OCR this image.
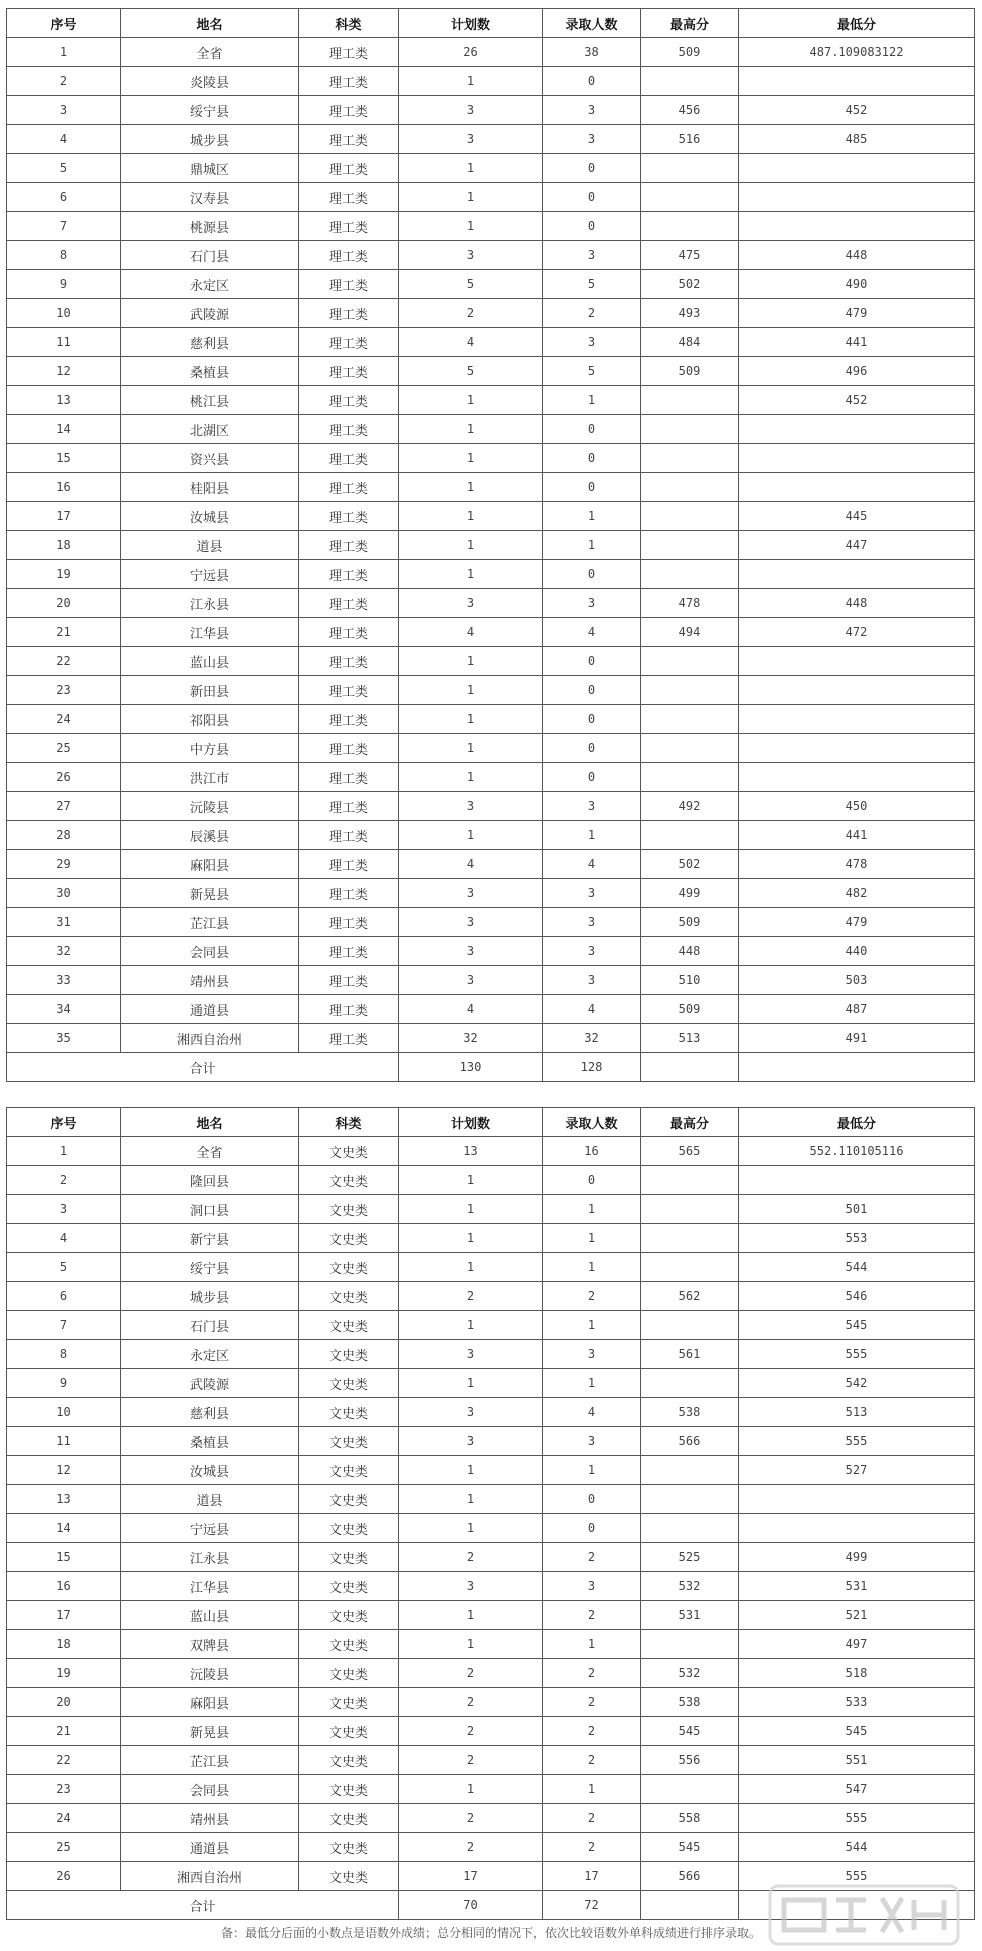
序号	地名	科类	计划数	录取人数	最高分	最低分
1	全省	理工类	26	38	509	487.109083122
2	炎陵县	理工类	1	0		
3	绥宁县	理工类	3	3	456	452
4	城步县	理工类	3	3	516	485
5	鼎城区	理工类	1	0		
6	汉寿县	理工类	1	0		
7	桃源县	理工类	1	0		
8	石门县	理工类	3	3	475	448
9	永定区	理工类	5	5	502	490
10	武陵源	理工类	2	2	493	479
11	慈利县	理工类	4	3	484	441
12	桑植县	理工类	5	5	509	496
13	桃江县	理工类	1	1		452
14	北湖区	理工类	1	0		
15	资兴县	理工类	1	0		
16	桂阳县	理工类	1	0		
17	汝城县	理工类	1	1		445
18	道县	理工类	1	1		447
19	宁远县	理工类	1	0		
20	江永县	理工类	3	3	478	448
21	江华县	理工类	4	4	494	472
22	蓝山县	理工类	1	0		
23	新田县	理工类	1	0		
24	祁阳县	理工类	1	0		
25	中方县	理工类	1	0		
26	洪江市	理工类	1	0		
27	沅陵县	理工类	3	3	492	450
28	辰溪县	理工类	1	1		441
29	麻阳县	理工类	4	4	502	478
30	新晃县	理工类	3	3	499	482
31	芷江县	理工类	3	3	509	479
32	会同县	理工类	3	3	448	440
33	靖州县	理工类	3	3	510	503
34	通道县	理工类	4	4	509	487
35	湘西自治州	理工类	32	32	513	491
合计			130	128		
序号	地名	科类	计划数	录取人数	最高分	最低分
1	全省	文史类	13	16	565	552.110105116
2	隆回县	文史类	1	0		
3	洞口县	文史类	1	1		501
4	新宁县	文史类	1	1		553
5	绥宁县	文史类	1	1		544
6	城步县	文史类	2	2	562	546
7	石门县	文史类	1	1		545
8	永定区	文史类	3	3	561	555
9	武陵源	文史类	1	1		542
10	慈利县	文史类	3	4	538	513
11	桑植县	文史类	3	3	566	555
12	汝城县	文史类	1	1		527
13	道县	文史类	1	0		
14	宁远县	文史类	1	0		
15	江永县	文史类	2	2	525	499
16	江华县	文史类	3	3	532	531
17	蓝山县	文史类	1	2	531	521
18	双牌县	文史类	1	1		497
19	沅陵县	文史类	2	2	532	518
20	麻阳县	文史类	2	2	538	533
21	新晃县	文史类	2	2	545	545
22	芷江县	文史类	2	2	556	551
23	会同县	文史类	1	1		547
24	靖州县	文史类	2	2	558	555
25	通道县	文史类	2	2	545	544
26	湘西自治州	文史类	17	17	566	555
合计			70	72		
备：最低分后面的小数点是语数外成绩；总分相同的情况下，依次比较语数外单科成绩进行排序录取。
